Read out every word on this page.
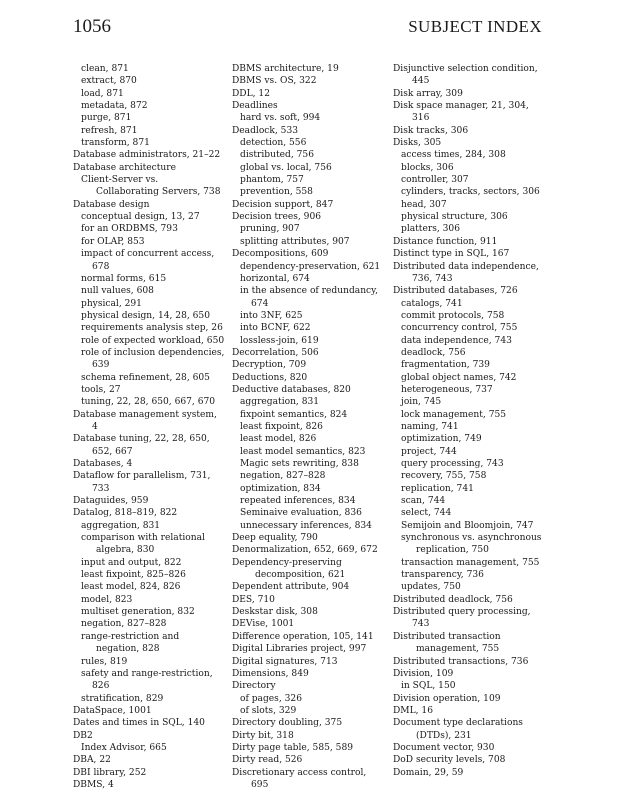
1056	SUBJECT INDEX
clean, 871
extract, 870
load, 871
metadata, 872
purge, 871
refresh, 871
transform, 871
Database administrators, 21–22
Database architecture
Client-Server vs.
Collaborating Servers, 738
Database design
conceptual design, 13, 27
for an ORDBMS, 793
for OLAP, 853
impact of concurrent access,
678
normal forms, 615
null values, 608
physical, 291
physical design, 14, 28, 650
requirements analysis step, 26
role of expected workload, 650
role of inclusion dependencies,
639
schema refinement, 28, 605
tools, 27
tuning, 22, 28, 650, 667, 670
Database management system,
4
Database tuning, 22, 28, 650,
652, 667
Databases, 4
Dataflow for parallelism, 731,
733
Dataguides, 959
Datalog, 818–819, 822
aggregation, 831
comparison with relational
algebra, 830
input and output, 822
least fixpoint, 825–826
least model, 824, 826
model, 823
multiset generation, 832
negation, 827–828
range-restriction and
negation, 828
rules, 819
safety and range-restriction,
826
stratification, 829
DataSpace, 1001
Dates and times in SQL, 140
DB2
Index Advisor, 665
DBA, 22
DBI library, 252
DBMS, 4
DBMS architecture, 19
DBMS vs. OS, 322
DDL, 12
Deadlines
hard vs. soft, 994
Deadlock, 533
detection, 556
distributed, 756
global vs. local, 756
phantom, 757
prevention, 558
Decision support, 847
Decision trees, 906
pruning, 907
splitting attributes, 907
Decompositions, 609
dependency-preservation, 621
horizontal, 674
in the absence of redundancy,
674
into 3NF, 625
into BCNF, 622
lossless-join, 619
Decorrelation, 506
Decryption, 709
Deductions, 820
Deductive databases, 820
aggregation, 831
fixpoint semantics, 824
least fixpoint, 826
least model, 826
least model semantics, 823
Magic sets rewriting, 838
negation, 827–828
optimization, 834
repeated inferences, 834
Seminaive evaluation, 836
unnecessary inferences, 834
Deep equality, 790
Denormalization, 652, 669, 672
Dependency-preserving
decomposition, 621
Dependent attribute, 904
DES, 710
Deskstar disk, 308
DEVise, 1001
Difference operation, 105, 141
Digital Libraries project, 997
Digital signatures, 713
Dimensions, 849
Directory
of pages, 326
of slots, 329
Directory doubling, 375
Dirty bit, 318
Dirty page table, 585, 589
Dirty read, 526
Discretionary access control,
695
Disjunctive selection condition,
445
Disk array, 309
Disk space manager, 21, 304,
316
Disk tracks, 306
Disks, 305
access times, 284, 308
blocks, 306
controller, 307
cylinders, tracks, sectors, 306
head, 307
physical structure, 306
platters, 306
Distance function, 911
Distinct type in SQL, 167
Distributed data independence,
736, 743
Distributed databases, 726
catalogs, 741
commit protocols, 758
concurrency control, 755
data independence, 743
deadlock, 756
fragmentation, 739
global object names, 742
heterogeneous, 737
join, 745
lock management, 755
naming, 741
optimization, 749
project, 744
query processing, 743
recovery, 755, 758
replication, 741
scan, 744
select, 744
Semijoin and Bloomjoin, 747
synchronous vs. asynchronous
replication, 750
transaction management, 755
transparency, 736
updates, 750
Distributed deadlock, 756
Distributed query processing,
743
Distributed transaction
management, 755
Distributed transactions, 736
Division, 109
in SQL, 150
Division operation, 109
DML, 16
Document type declarations
(DTDs), 231
Document vector, 930
DoD security levels, 708
Domain, 29, 59
